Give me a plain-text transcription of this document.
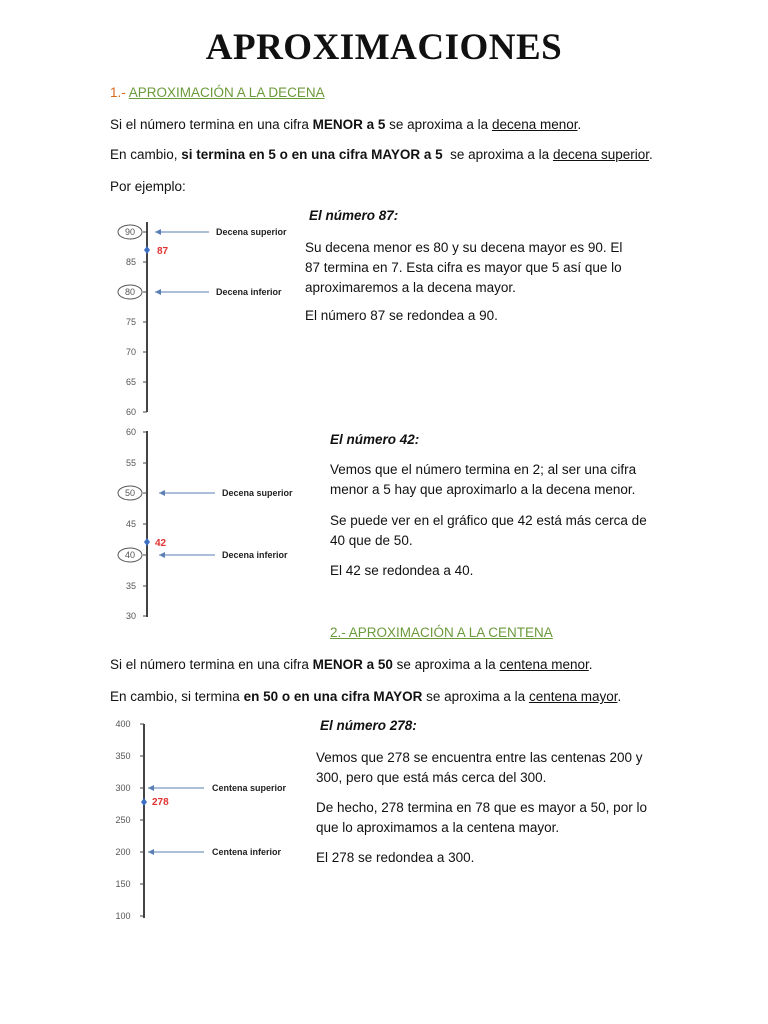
APROXIMACIONES
1.- APROXIMACIÓN A LA DECENA
Si el número termina en una cifra MENOR a 5 se aproxima a la decena menor.
En cambio, si termina en 5 o en una cifra MAYOR a 5  se aproxima a la decena superior.
Por ejemplo:
El número 87:
Su decena menor es 80 y su decena mayor es 90. El 87 termina en 7. Esta cifra es mayor que 5 así que lo aproximaremos a la decena mayor.
El número 87 se redondea a 90.
90
85
80
75
70
65
60
87
Decena superior
Decena inferior
El número 42:
Vemos que el número termina en 2; al ser una cifra menor a 5 hay que aproximarlo a la decena menor.
Se puede ver en el gráfico que 42 está más cerca de 40 que de 50.
El 42 se redondea a 40.
60
55
50
45
40
35
30
42
Decena superior
Decena inferior
2.- APROXIMACIÓN A LA CENTENA
Si el número termina en una cifra MENOR a 50 se aproxima a la centena menor.
En cambio, si termina en 50 o en una cifra MAYOR se aproxima a la centena mayor.
El número 278:
Vemos que 278 se encuentra entre las centenas 200 y 300, pero que está más cerca del 300.
De hecho, 278 termina en 78 que es mayor a 50, por lo que lo aproximamos a la centena mayor.
El 278 se redondea a 300.
400
350
300
250
200
150
100
278
Centena superior
Centena inferior
